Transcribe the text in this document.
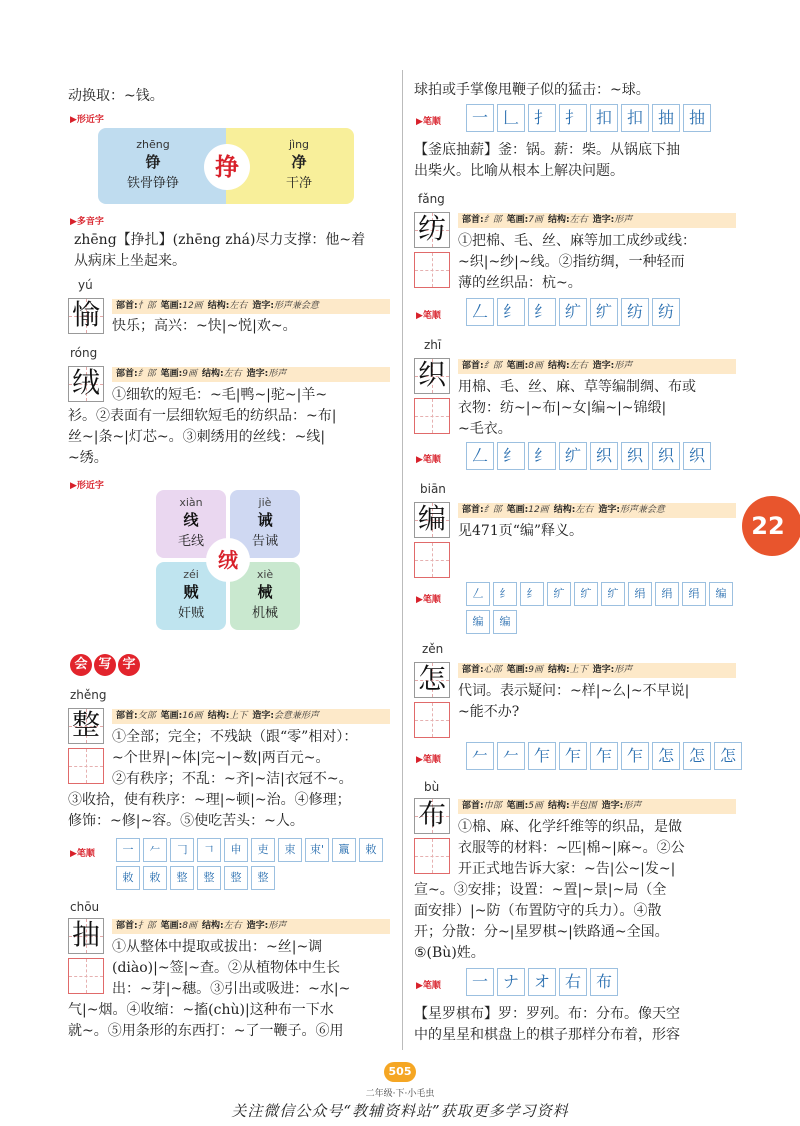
动换取：~钱。
▶形近字
zhēng
铮
铁骨铮铮
挣
jìng
净
干净
▶多音字
zhēng【挣扎】(zhēng zhá)尽力支撑：他~着
从病床上坐起来。
yú
愉	部首:忄部 笔画:12画 结构:左右 造字:形声兼会意
快乐；高兴：~快|~悦|欢~。
róng
绒	部首:纟部 笔画:9画 结构:左右 造字:形声
①细软的短毛：~毛|鸭~|驼~|羊~
衫。②表面有一层细软短毛的纺织品：~布|
丝~|条~|灯芯~。③刺绣用的丝线：~线|
~绣。
▶形近字
xiàn
线
毛线
jiè
诫
告诫
zéi
贼
奸贼
xiè
械
机械
绒
会 写 字
zhěng
整	部首:攵部 笔画:16画 结构:上下 造字:会意兼形声
①全部；完全；不残缺（跟“零”相对）：
~个世界|~体|完~|~数|两百元~。
②有秩序；不乱：~齐|~洁|衣冠不~。
③收拾，使有秩序：~理|~顿|~治。④修理；
修饰：~修|~容。⑤使吃苦头：~人。
▶笔顺	一	𠂉	𠃌	𠃍	申	吏	束	束'	𣎆	敕
敕	敕	整	整	整	整
chōu
抽	部首:扌部 笔画:8画 结构:左右 造字:形声
①从整体中提取或拔出：~丝|~调
(diào)|~签|~查。②从植物体中生长
出：~芽|~穗。③引出或吸进：~水|~
气|~烟。④收缩：~搐(chù)|这种布一下水
就~。⑤用条形的东西打：~了一鞭子。⑥用
球拍或手掌像甩鞭子似的猛击：~球。
▶笔顺	一 𠃊 扌 扌 扣 扣 抽 抽
【釜底抽薪】釜：锅。薪：柴。从锅底下抽
出柴火。比喻从根本上解决问题。
fǎng
纺	部首:纟部 笔画:7画 结构:左右 造字:形声
①把棉、毛、丝、麻等加工成纱或线：
~织|~纱|~线。②指纺绸，一种轻而
薄的丝织品：杭~。
▶笔顺	𠃋 纟 纟 纩 纩 纺 纺
zhī
织	部首:纟部 笔画:8画 结构:左右 造字:形声
用棉、毛、丝、麻、草等编制绸、布或
衣物：纺~|~布|~女|编~|~锦缎|
~毛衣。
▶笔顺	𠃋 纟 纟 纩 织 织 织 织
biān
编	部首:纟部 笔画:12画 结构:左右 造字:形声兼会意
见471页“编”释义。
▶笔顺	𠃋	纟	纟	纩	纩	纩	绢	绢	绢	编
编	编
zěn
怎	部首:心部 笔画:9画 结构:上下 造字:形声
代词。表示疑问：~样|~么|~不早说|
~能不办?
▶笔顺	𠂉 𠂉 乍 乍 乍 乍 怎 怎 怎
bù
布	部首:巾部 笔画:5画 结构:半包围 造字:形声
①棉、麻、化学纤维等的织品，是做
衣服等的材料：~匹|棉~|麻~。②公
开正式地告诉大家：~告|公~|发~|
宣~。③安排；设置：~置|~景|~局（全
面安排）|~防（布置防守的兵力）。④散
开；分散：分~|星罗棋~|铁路通~全国。
⑤(Bù)姓。
▶笔顺	一 ナ オ 右 布
【星罗棋布】罗：罗列。布：分布。像天空
中的星星和棋盘上的棋子那样分布着，形容
22
505
二年级·下·小毛虫
关注微信公众号“教辅资料站”获取更多学习资料
